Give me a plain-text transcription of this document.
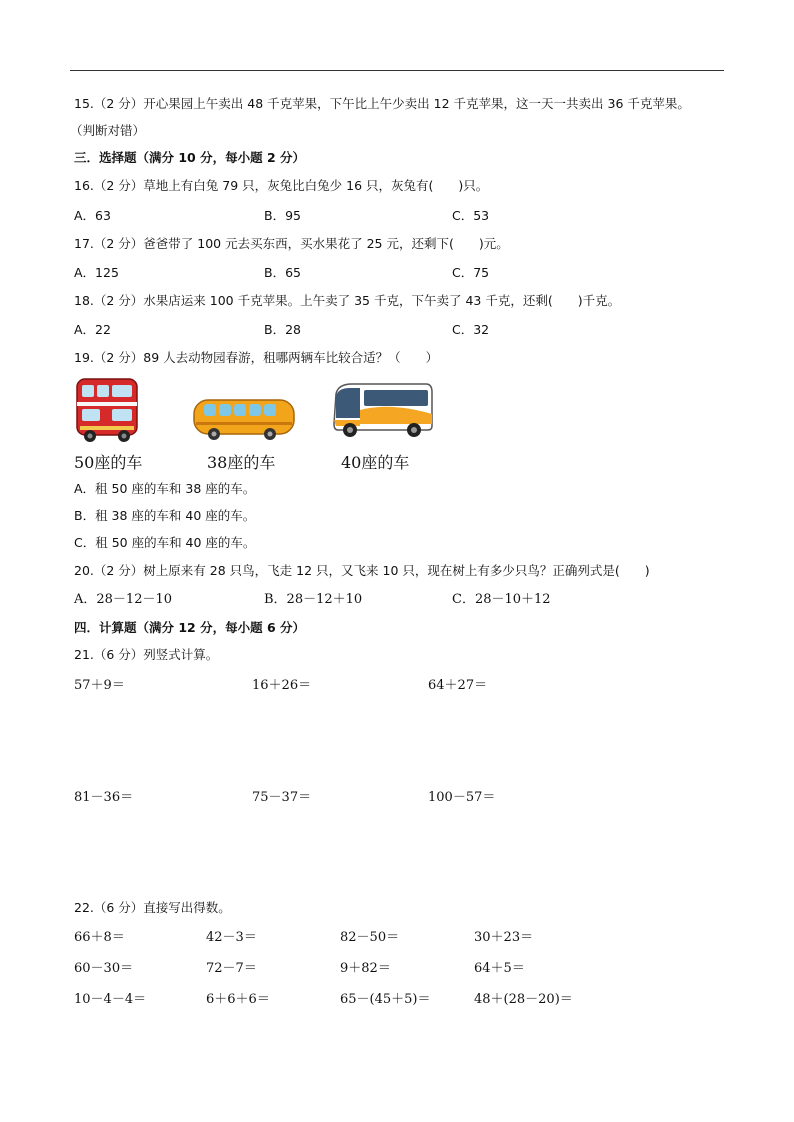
15.（2 分）开心果园上午卖出 48 千克苹果，下午比上午少卖出 12 千克苹果，这一天一共卖出 36 千克苹果。
（判断对错）
三．选择题（满分 10 分，每小题 2 分）
16.（2 分）草地上有白兔 79 只，灰兔比白兔少 16 只，灰兔有(　　)只。
A．63	B．95	C．53
17.（2 分）爸爸带了 100 元去买东西，买水果花了 25 元，还剩下(　　)元。
A．125	B．65	C．75
18.（2 分）水果店运来 100 千克苹果。上午卖了 35 千克，下午卖了 43 千克，还剩(　　)千克。
A．22	B．28	C．32
19.（2 分）89 人去动物园春游，租哪两辆车比较合适？（　　）
50座的车	38座的车	40座的车
A．租 50 座的车和 38 座的车。
B．租 38 座的车和 40 座的车。
C．租 50 座的车和 40 座的车。
20.（2 分）树上原来有 28 只鸟，飞走 12 只，又飞来 10 只，现在树上有多少只鸟？正确列式是(　　)
A．28－12－10	B．28－12＋10	C．28－10＋12
四．计算题（满分 12 分，每小题 6 分）
21.（6 分）列竖式计算。
57＋9＝	16＋26＝	64＋27＝
81－36＝	75－37＝	100－57＝
22.（6 分）直接写出得数。
66＋8＝	42－3＝	82－50＝	30＋23＝
60－30＝	72－7＝	9＋82＝	64＋5＝
10－4－4＝	6＋6＋6＝	65－(45＋5)＝	48＋(28－20)＝
